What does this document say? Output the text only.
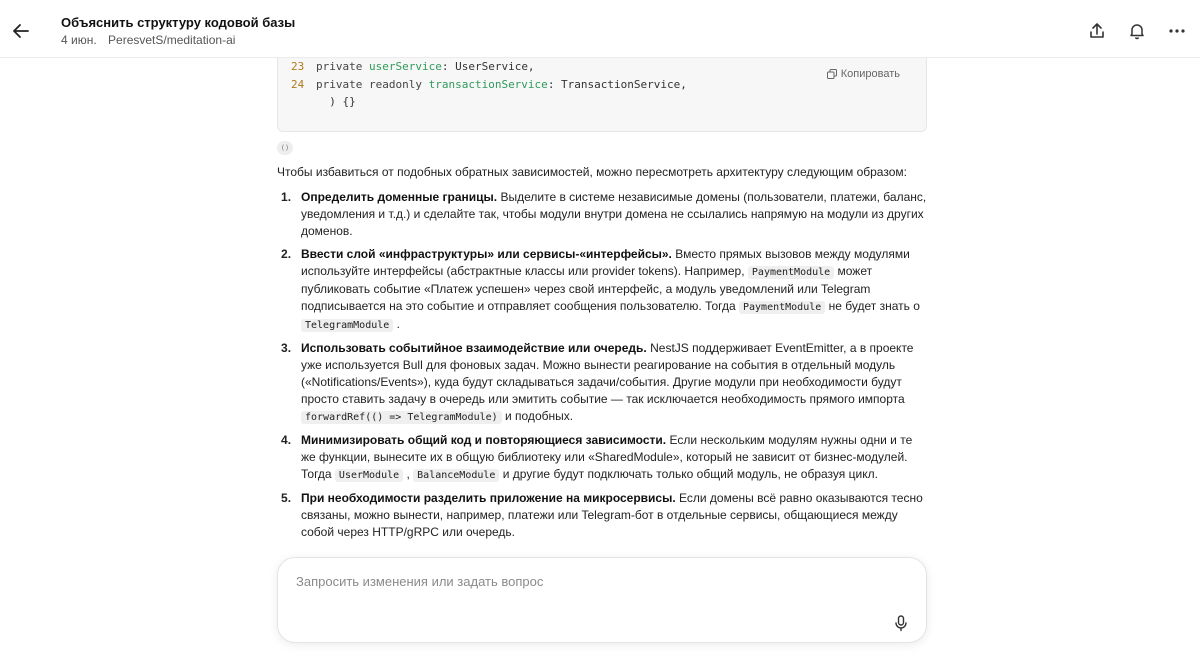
Объяснить структуру кодовой базы
4 июн. PeresvetS/meditation-ai
23 private userService: UserService,
24 private readonly transactionService: TransactionService,
) {}
Копировать
()

Чтобы избавиться от подобных обратных зависимостей, можно пересмотреть архитектуру следующим образом:

Определить доменные границы. Выделите в системе независимые домены (пользователи, платежи, баланс, уведомления и т.д.) и сделайте так, чтобы модули внутри домена не ссылались напрямую на модули из других доменов.
Ввести слой «инфраструктуры» или сервисы-«интерфейсы». Вместо прямых вызовов между модулями используйте интерфейсы (абстрактные классы или provider tokens). Например, PaymentModule может публиковать событие «Платеж успешен» через свой интерфейс, а модуль уведомлений или Telegram подписывается на это событие и отправляет сообщения пользователю. Тогда PaymentModule не будет знать о TelegramModule .
Использовать событийное взаимодействие или очередь. NestJS поддерживает EventEmitter, а в проекте уже используется Bull для фоновых задач. Можно вынести реагирование на события в отдельный модуль («Notifications/Events»), куда будут складываться задачи/события. Другие модули при необходимости будут просто ставить задачу в очередь или эмитить событие — так исключается необходимость прямого импорта forwardRef(() => TelegramModule) и подобных.
Минимизировать общий код и повторяющиеся зависимости. Если нескольким модулям нужны одни и те же функции, вынесите их в общую библиотеку или «SharedModule», который не зависит от бизнес-модулей. Тогда UserModule , BalanceModule и другие будут подключать только общий модуль, не образуя цикл.
При необходимости разделить приложение на микросервисы. Если домены всё равно оказываются тесно связаны, можно вынести, например, платежи или Telegram-бот в отдельные сервисы, общающиеся между собой через HTTP/gRPC или очередь.
Запросить изменения или задать вопрос
